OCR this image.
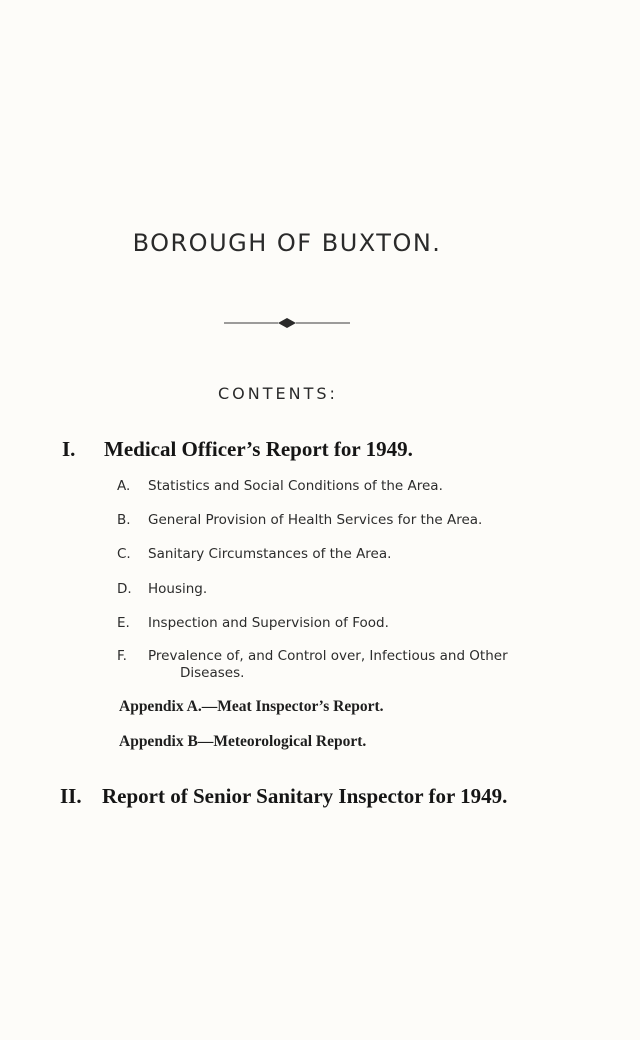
BOROUGH OF BUXTON.
CONTENTS:
I. Medical Officer’s Report for 1949.
A. Statistics and Social Conditions of the Area.
B. General Provision of Health Services for the Area.
C. Sanitary Circumstances of the Area.
D. Housing.
E. Inspection and Supervision of Food.
F. Prevalence of, and Control over, Infectious and Other
Diseases.
Appendix A.—Meat Inspector’s Report.
Appendix B—Meteorological Report.
II. Report of Senior Sanitary Inspector for 1949.
